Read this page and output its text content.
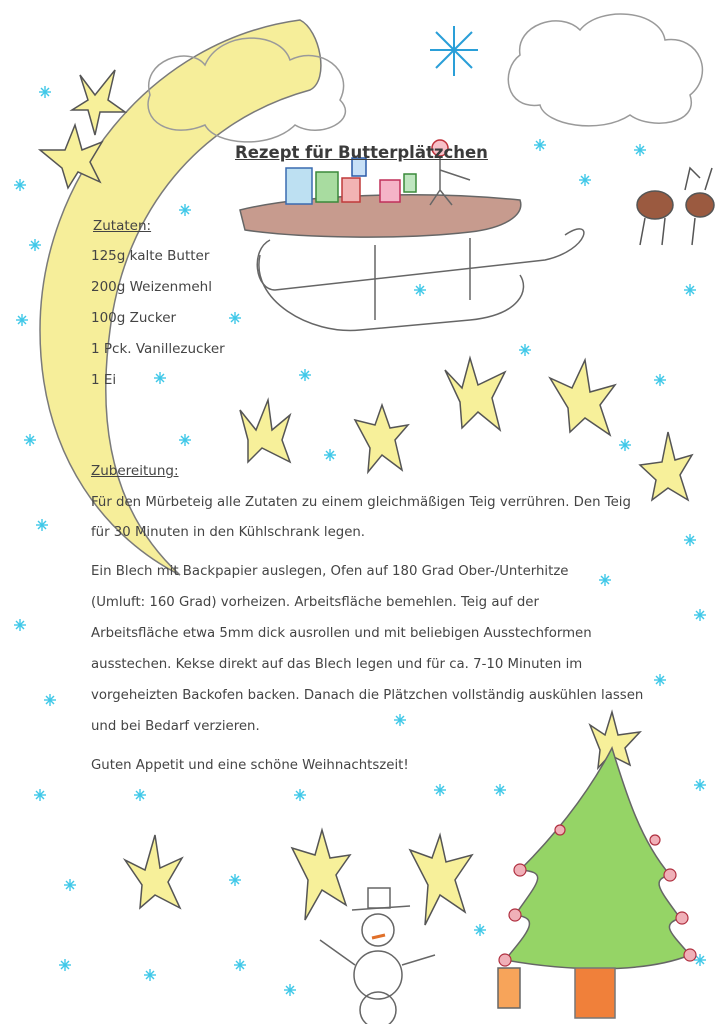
Rezept für Butterplätzchen
Zutaten:
125g kalte Butter
200g Weizenmehl
100g Zucker
1 Pck. Vanillezucker
1 Ei
Zubereitung:
Für den Mürbeteig alle Zutaten zu einem gleichmäßigen Teig verrühren. Den Teig
für 30 Minuten in den Kühlschrank legen.
Ein Blech mit Backpapier auslegen, Ofen auf 180 Grad Ober-/Unterhitze
(Umluft: 160 Grad) vorheizen. Arbeitsfläche bemehlen. Teig auf der
Arbeitsfläche etwa 5mm dick ausrollen und mit beliebigen Ausstechformen
ausstechen. Kekse direkt auf das Blech legen und für ca. 7-10 Minuten im
vorgeheizten Backofen backen. Danach die Plätzchen vollständig auskühlen lassen
und bei Bedarf verzieren.
Guten Appetit und eine schöne Weihnachtszeit!
